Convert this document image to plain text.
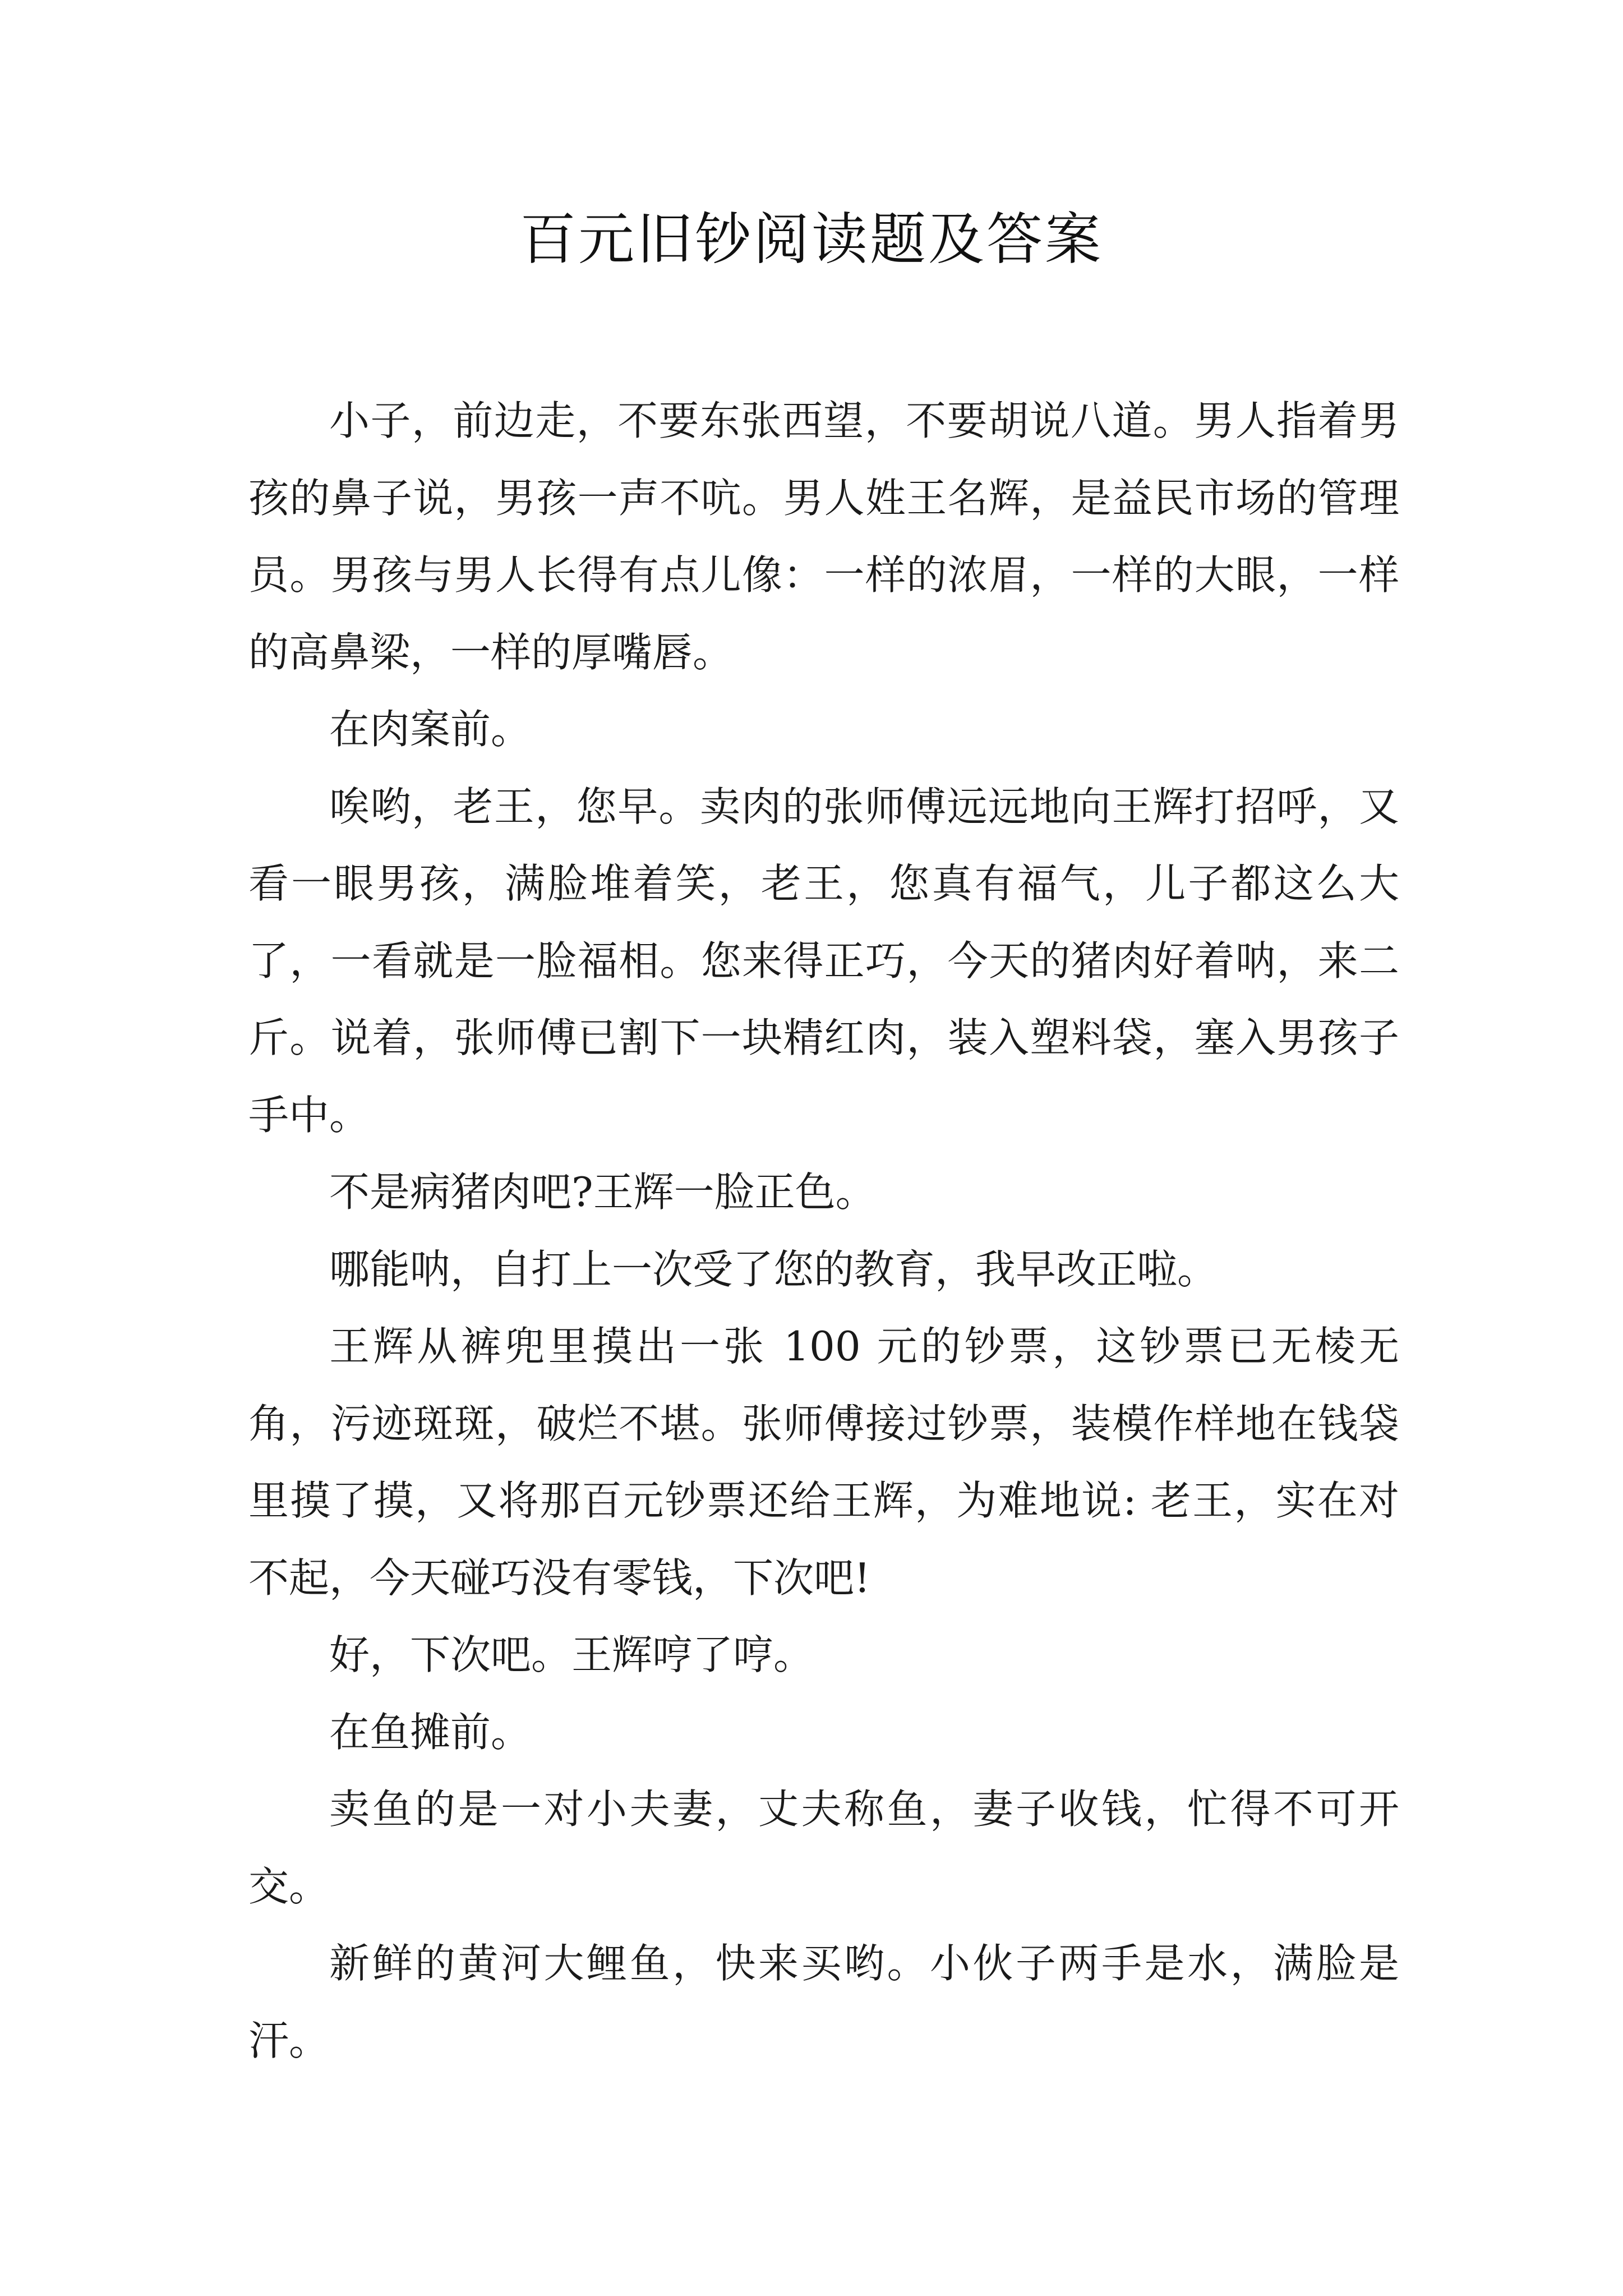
百元旧钞阅读题及答案

小子，前边走，不要东张西望，不要胡说八道。男人指着男孩的鼻子说，男孩一声不吭。男人姓王名辉，是益民市场的管理员。男孩与男人长得有点儿像：一样的浓眉，一样的大眼，一样的高鼻梁，一样的厚嘴唇。

在肉案前。

唉哟，老王，您早。卖肉的张师傅远远地向王辉打招呼，又看一眼男孩，满脸堆着笑，老王，您真有福气，儿子都这么大了，一看就是一脸福相。您来得正巧，今天的猪肉好着呐，来二斤。说着，张师傅已割下一块精红肉，装入塑料袋，塞入男孩子手中。

不是病猪肉吧?王辉一脸正色。

哪能呐，自打上一次受了您的教育，我早改正啦。

王辉从裤兜里摸出一张 100 元的钞票，这钞票已无棱无角，污迹斑斑，破烂不堪。张师傅接过钞票，装模作样地在钱袋里摸了摸，又将那百元钞票还给王辉，为难地说: 老王，实在对不起，今天碰巧没有零钱，下次吧!

好，下次吧。王辉哼了哼。

在鱼摊前。

卖鱼的是一对小夫妻，丈夫称鱼，妻子收钱，忙得不可开交。

新鲜的黄河大鲤鱼，快来买哟。小伙子两手是水，满脸是汗。
